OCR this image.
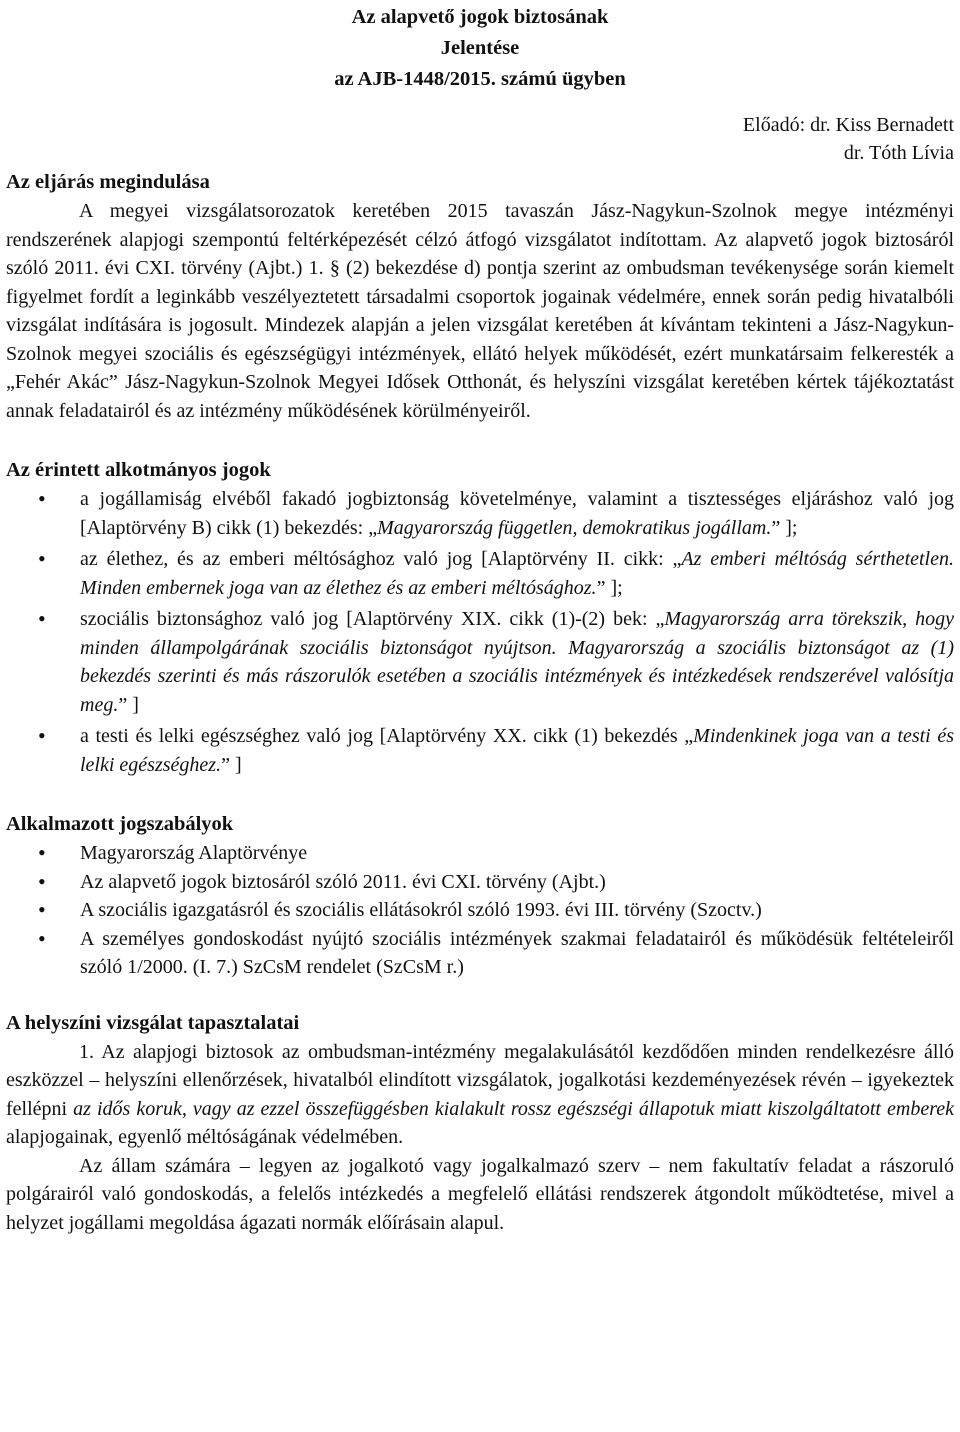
Az alapvető jogok biztosának
Jelentése
az AJB-1448/2015. számú ügyben
Előadó: dr. Kiss Bernadett
dr. Tóth Lívia
Az eljárás megindulása

A megyei vizsgálatsorozatok keretében 2015 tavaszán Jász-Nagykun-Szolnok megye intézményi rendszerének alapjogi szempontú feltérképezését célzó átfogó vizsgálatot indítottam. Az alapvető jogok biztosáról szóló 2011. évi CXI. törvény (Ajbt.) 1. § (2) bekezdése d) pontja szerint az ombudsman tevékenysége során kiemelt figyelmet fordít a leginkább veszélyeztetett társadalmi csoportok jogainak védelmére, ennek során pedig hivatalbóli vizsgálat indítására is jogosult. Mindezek alapján a jelen vizsgálat keretében át kívántam tekinteni a Jász-Nagykun-Szolnok megyei szociális és egészségügyi intézmények, ellátó helyek működését, ezért munkatársaim felkeresték a „Fehér Akác” Jász-Nagykun-Szolnok Megyei Idősek Otthonát, és helyszíni vizsgálat keretében kértek tájékoztatást annak feladatairól és az intézmény működésének körülményeiről.

Az érintett alkotmányos jogok
• a jogállamiság elvéből fakadó jogbiztonság követelménye, valamint a tisztességes eljáráshoz való jog [Alaptörvény B) cikk (1) bekezdés: „Magyarország független, demokratikus jogállam.” ];
• az élethez, és az emberi méltósághoz való jog [Alaptörvény II. cikk: „Az emberi méltóság sérthetetlen. Minden embernek joga van az élethez és az emberi méltósághoz.” ];
• szociális biztonsághoz való jog [Alaptörvény XIX. cikk (1)-(2) bek: „Magyarország arra törekszik, hogy minden állampolgárának szociális biztonságot nyújtson. Magyarország a szociális biztonságot az (1) bekezdés szerinti és más rászorulók esetében a szociális intézmények és intézkedések rendszerével valósítja meg.” ]
• a testi és lelki egészséghez való jog [Alaptörvény XX. cikk (1) bekezdés „Mindenkinek joga van a testi és lelki egészséghez.” ]
Alkalmazott jogszabályok
• Magyarország Alaptörvénye
• Az alapvető jogok biztosáról szóló 2011. évi CXI. törvény (Ajbt.)
• A szociális igazgatásról és szociális ellátásokról szóló 1993. évi III. törvény (Szoctv.)
• A személyes gondoskodást nyújtó szociális intézmények szakmai feladatairól és működésük feltételeiről szóló 1/2000. (I. 7.) SzCsM rendelet (SzCsM r.)
A helyszíni vizsgálat tapasztalatai

1. Az alapjogi biztosok az ombudsman-intézmény megalakulásától kezdődően minden rendelkezésre álló eszközzel – helyszíni ellenőrzések, hivatalból elindított vizsgálatok, jogalkotási kezdeményezések révén – igyekeztek fellépni az idős koruk, vagy az ezzel összefüggésben kialakult rossz egészségi állapotuk miatt kiszolgáltatott emberek alapjogainak, egyenlő méltóságának védelmében.

Az állam számára – legyen az jogalkotó vagy jogalkalmazó szerv – nem fakultatív feladat a rászoruló polgárairól való gondoskodás, a felelős intézkedés a megfelelő ellátási rendszerek átgondolt működtetése, mivel a helyzet jogállami megoldása ágazati normák előírásain alapul.
